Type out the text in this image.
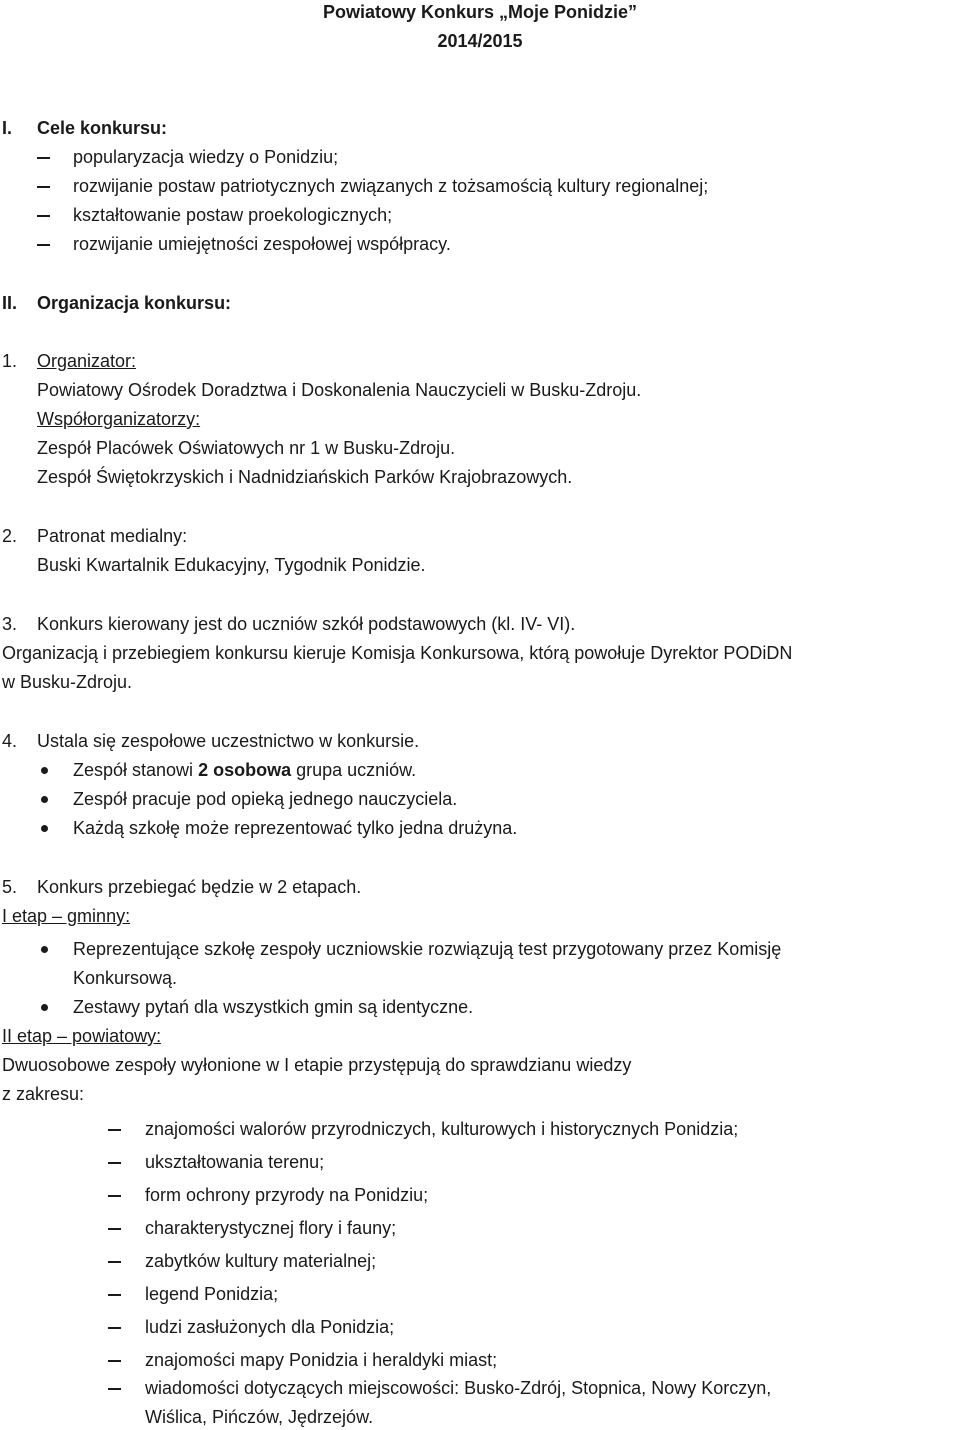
Powiatowy Konkurs „Moje Ponidzie”
2014/2015
I. Cele konkursu:
popularyzacja wiedzy o Ponidziu;
rozwijanie postaw patriotycznych związanych z tożsamością kultury regionalnej;
kształtowanie postaw proekologicznych;
rozwijanie umiejętności zespołowej współpracy.
II. Organizacja konkursu:
1. Organizator:
Powiatowy Ośrodek Doradztwa i Doskonalenia Nauczycieli w Busku-Zdroju.
Współorganizatorzy:
Zespół Placówek Oświatowych nr 1 w Busku-Zdroju.
Zespół Świętokrzyskich i Nadnidziańskich Parków Krajobrazowych.
2. Patronat medialny:
Buski Kwartalnik Edukacyjny, Tygodnik Ponidzie.
3. Konkurs kierowany jest do uczniów szkół podstawowych (kl. IV- VI).
Organizacją i przebiegiem konkursu kieruje Komisja Konkursowa, którą powołuje Dyrektor PODiDN
w Busku-Zdroju.
4. Ustala się zespołowe uczestnictwo w konkursie.
Zespół stanowi 2 osobowa grupa uczniów.
Zespół pracuje pod opieką jednego nauczyciela.
Każdą szkołę może reprezentować tylko jedna drużyna.
5. Konkurs przebiegać będzie w 2 etapach.
I etap – gminny:
Reprezentujące szkołę zespoły uczniowskie rozwiązują test przygotowany przez Komisję
Konkursową.
Zestawy pytań dla wszystkich gmin są identyczne.
II etap – powiatowy:
Dwuosobowe zespoły wyłonione w I etapie przystępują do sprawdzianu wiedzy
z zakresu:
znajomości walorów przyrodniczych, kulturowych i historycznych Ponidzia;
ukształtowania terenu;
form ochrony przyrody na Ponidziu;
charakterystycznej flory i fauny;
zabytków kultury materialnej;
legend Ponidzia;
ludzi zasłużonych dla Ponidzia;
znajomości mapy Ponidzia i heraldyki miast;
wiadomości dotyczących miejscowości: Busko-Zdrój, Stopnica, Nowy Korczyn,
Wiślica, Pińczów, Jędrzejów.
